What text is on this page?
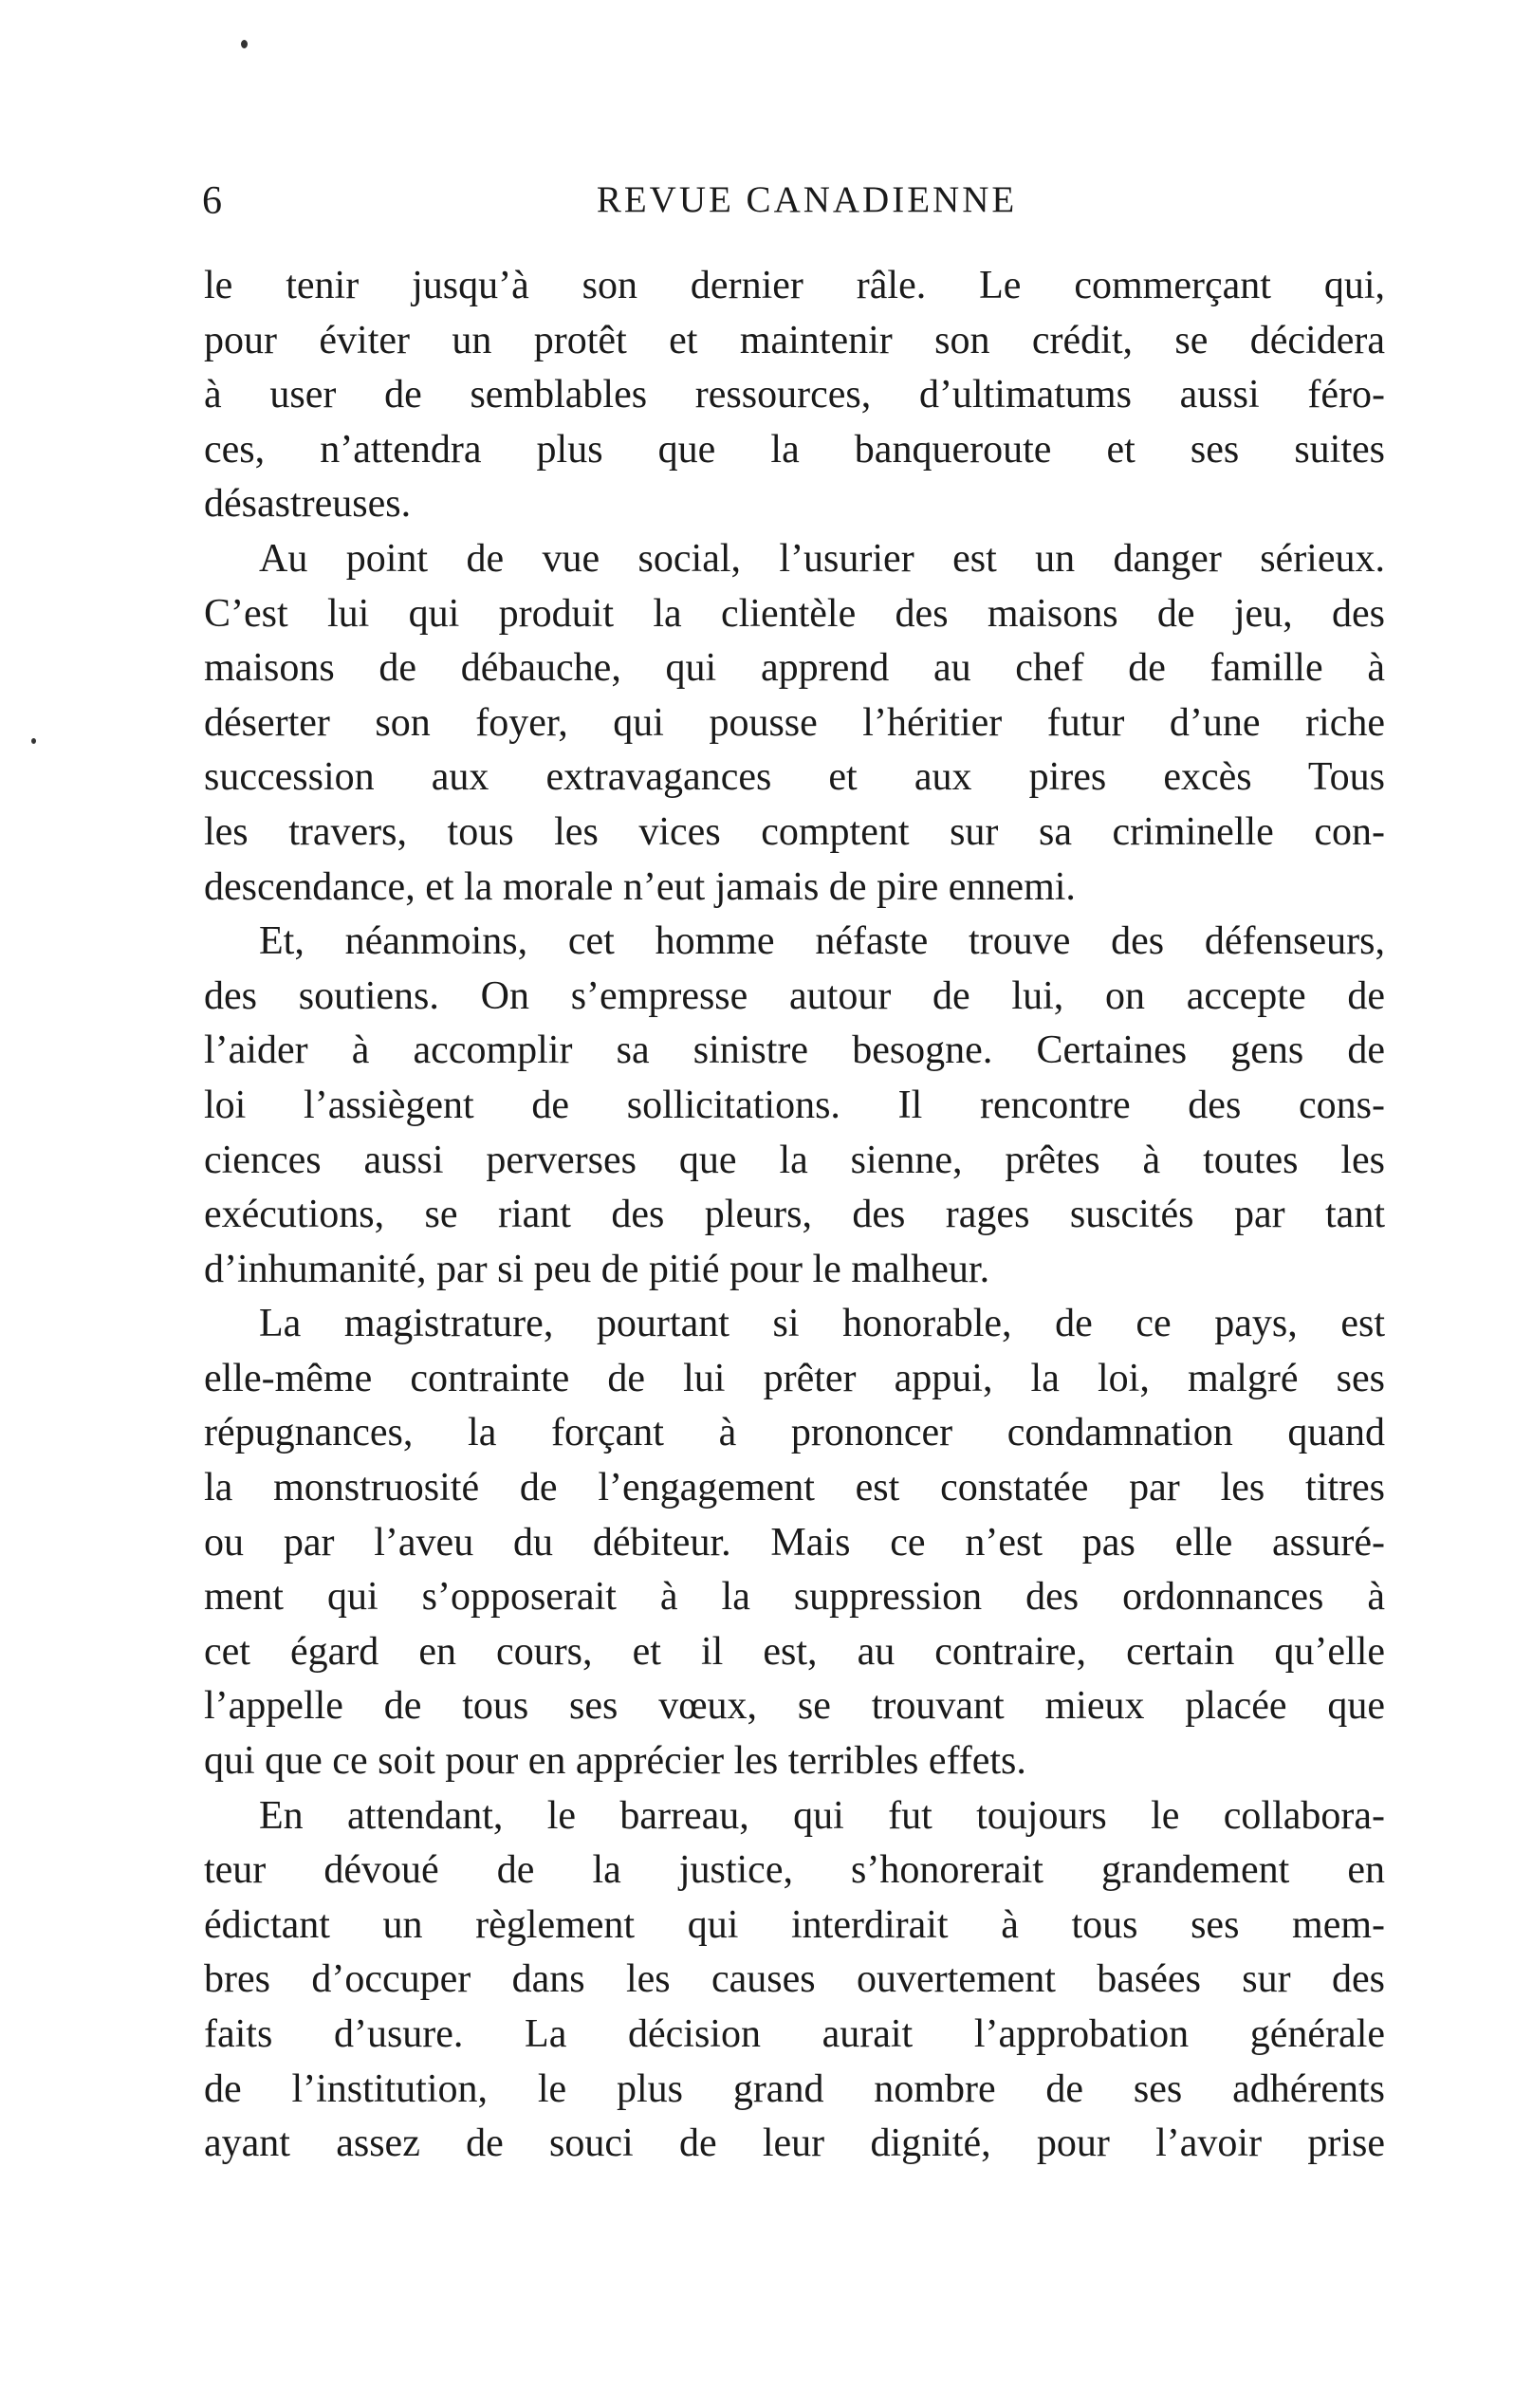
6	REVUE CANADIENNE
le tenir jusqu’à son dernier râle. Le commerçant qui,
pour éviter un protêt et maintenir son crédit, se décidera
à user de semblables ressources, d’ultimatums aussi féro-
ces, n’attendra plus que la banqueroute et ses suites
désastreuses.
Au point de vue social, l’usurier est un danger sérieux.
C’est lui qui produit la clientèle des maisons de jeu, des
maisons de débauche, qui apprend au chef de famille à
déserter son foyer, qui pousse l’héritier futur d’une riche
succession aux extravagances et aux pires excès Tous
les travers, tous les vices comptent sur sa criminelle con-
descendance, et la morale n’eut jamais de pire ennemi.
Et, néanmoins, cet homme néfaste trouve des défenseurs,
des soutiens. On s’empresse autour de lui, on accepte de
l’aider à accomplir sa sinistre besogne. Certaines gens de
loi l’assiègent de sollicitations. Il rencontre des cons-
ciences aussi perverses que la sienne, prêtes à toutes les
exécutions, se riant des pleurs, des rages suscités par tant
d’inhumanité, par si peu de pitié pour le malheur.
La magistrature, pourtant si honorable, de ce pays, est
elle-même contrainte de lui prêter appui, la loi, malgré ses
répugnances, la forçant à prononcer condamnation quand
la monstruosité de l’engagement est constatée par les titres
ou par l’aveu du débiteur. Mais ce n’est pas elle assuré-
ment qui s’opposerait à la suppression des ordonnances à
cet égard en cours, et il est, au contraire, certain qu’elle
l’appelle de tous ses vœux, se trouvant mieux placée que
qui que ce soit pour en apprécier les terribles effets.
En attendant, le barreau, qui fut toujours le collabora-
teur dévoué de la justice, s’honorerait grandement en
édictant un règlement qui interdirait à tous ses mem-
bres d’occuper dans les causes ouvertement basées sur des
faits d’usure. La décision aurait l’approbation générale
de l’institution, le plus grand nombre de ses adhérents
ayant assez de souci de leur dignité, pour l’avoir prise
